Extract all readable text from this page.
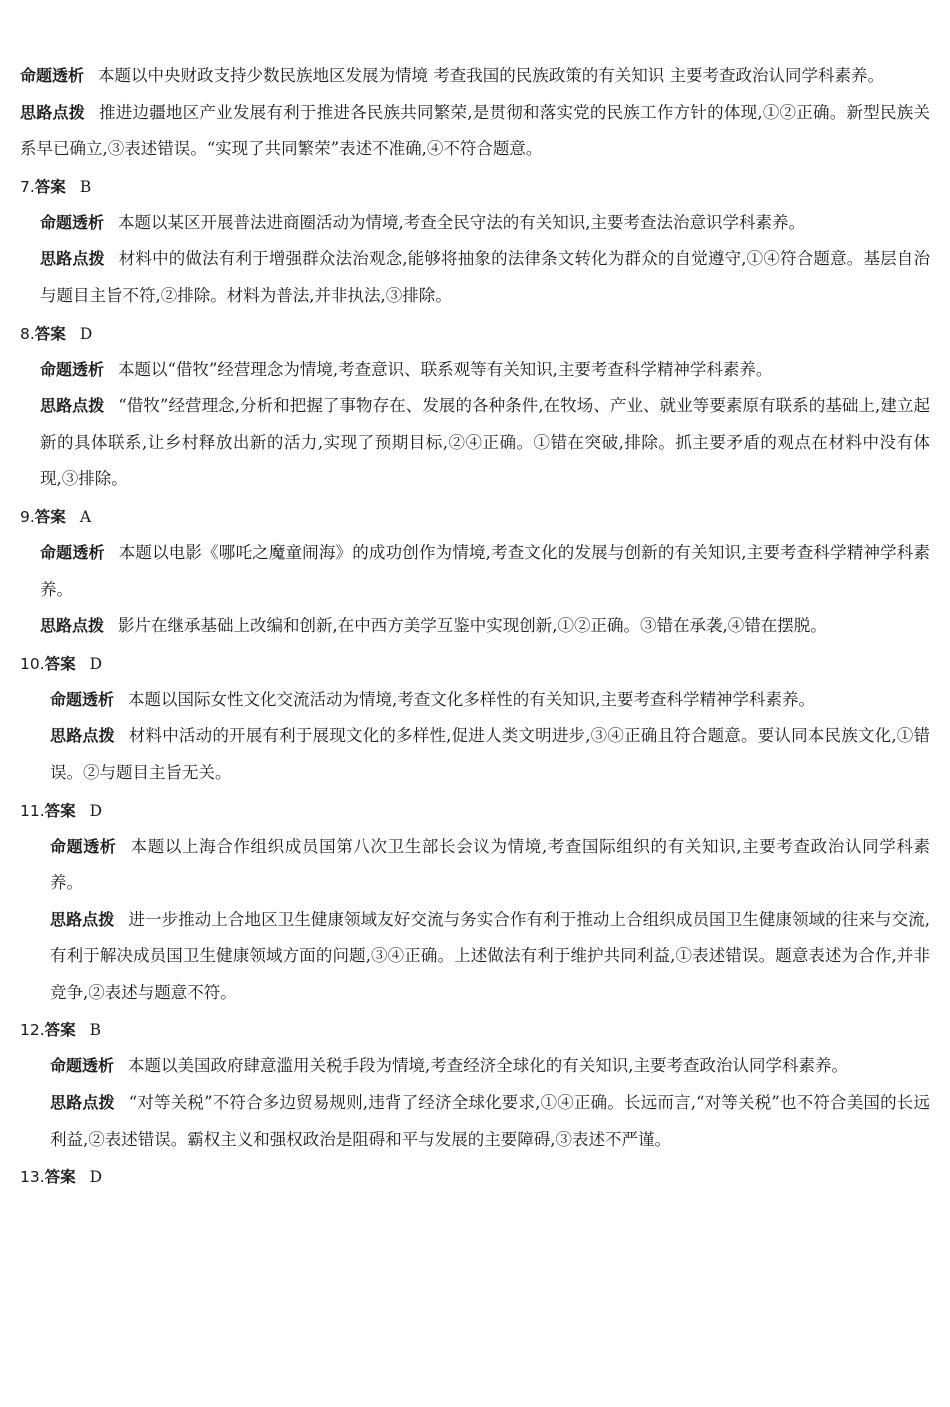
命题透析 本题以中央财政支持少数民族地区发展为情境 考查我国的民族政策的有关知识 主要考查政治认同学科素养。

思路点拨 推进边疆地区产业发展有利于推进各民族共同繁荣,是贯彻和落实党的民族工作方针的体现,①②正确。新型民族关系早已确立,③表述错误。“实现了共同繁荣”表述不准确,④不符合题意。

7.答案 B

命题透析 本题以某区开展普法进商圈活动为情境,考查全民守法的有关知识,主要考查法治意识学科素养。

思路点拨 材料中的做法有利于增强群众法治观念,能够将抽象的法律条文转化为群众的自觉遵守,①④符合题意。基层自治与题目主旨不符,②排除。材料为普法,并非执法,③排除。

8.答案 D

命题透析 本题以“借牧”经营理念为情境,考查意识、联系观等有关知识,主要考查科学精神学科素养。

思路点拨 “借牧”经营理念,分析和把握了事物存在、发展的各种条件,在牧场、产业、就业等要素原有联系的基础上,建立起新的具体联系,让乡村释放出新的活力,实现了预期目标,②④正确。①错在突破,排除。抓主要矛盾的观点在材料中没有体现,③排除。

9.答案 A

命题透析 本题以电影《哪吒之魔童闹海》的成功创作为情境,考查文化的发展与创新的有关知识,主要考查科学精神学科素养。

思路点拨 影片在继承基础上改编和创新,在中西方美学互鉴中实现创新,①②正确。③错在承袭,④错在摆脱。

10.答案 D

命题透析 本题以国际女性文化交流活动为情境,考查文化多样性的有关知识,主要考查科学精神学科素养。

思路点拨 材料中活动的开展有利于展现文化的多样性,促进人类文明进步,③④正确且符合题意。要认同本民族文化,①错误。②与题目主旨无关。

11.答案 D

命题透析 本题以上海合作组织成员国第八次卫生部长会议为情境,考查国际组织的有关知识,主要考查政治认同学科素养。

思路点拨 进一步推动上合地区卫生健康领域友好交流与务实合作有利于推动上合组织成员国卫生健康领域的往来与交流,有利于解决成员国卫生健康领域方面的问题,③④正确。上述做法有利于维护共同利益,①表述错误。题意表述为合作,并非竞争,②表述与题意不符。

12.答案 B

命题透析 本题以美国政府肆意滥用关税手段为情境,考查经济全球化的有关知识,主要考查政治认同学科素养。

思路点拨 “对等关税”不符合多边贸易规则,违背了经济全球化要求,①④正确。长远而言,“对等关税”也不符合美国的长远利益,②表述错误。霸权主义和强权政治是阻碍和平与发展的主要障碍,③表述不严谨。

13.答案 D
